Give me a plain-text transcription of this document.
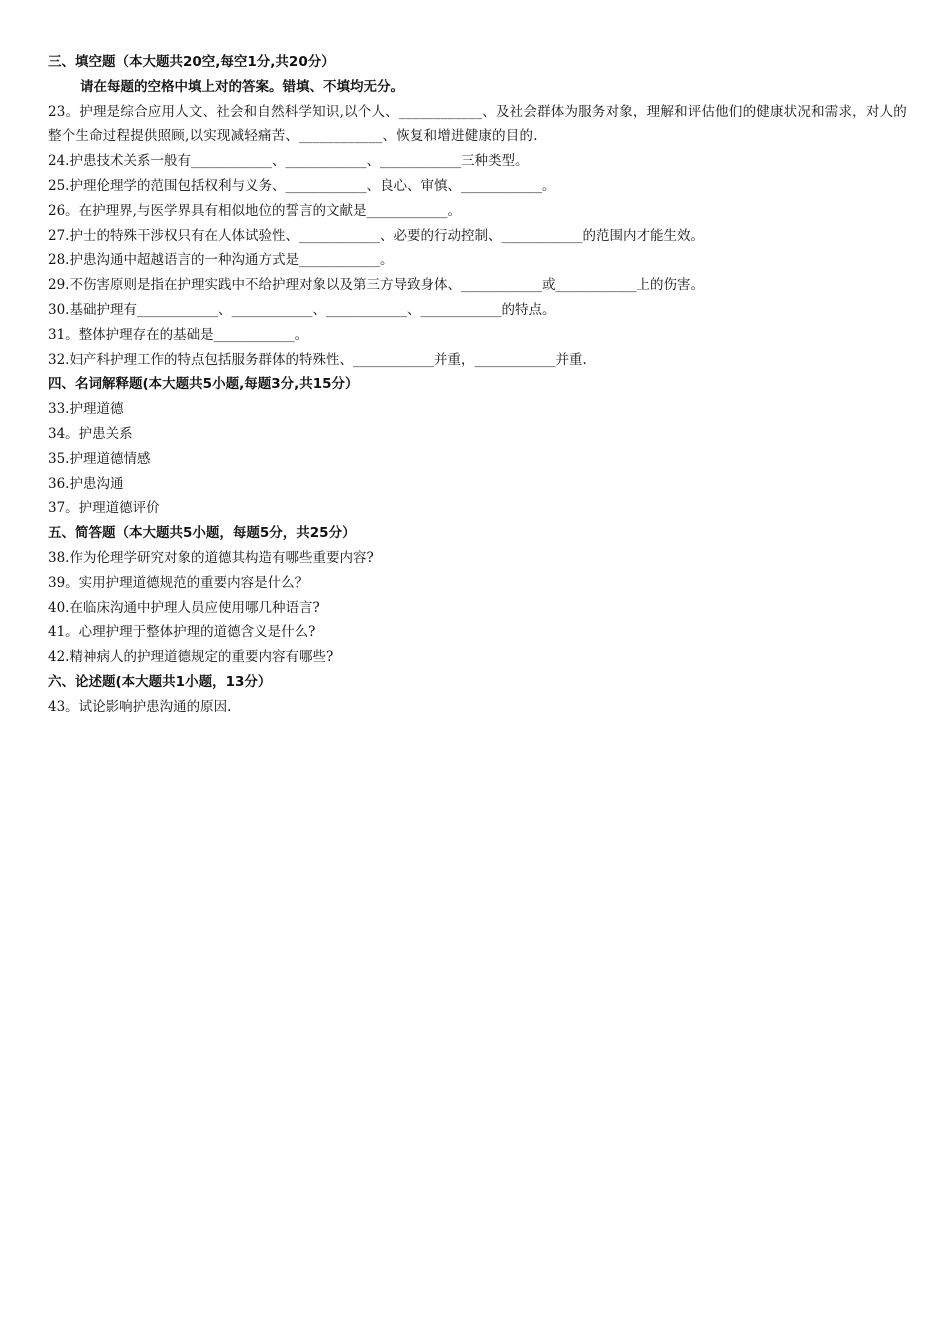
三、填空题（本大题共20空,每空1分,共20分）
请在每题的空格中填上对的答案。错填、不填均无分。
23。护理是综合应用人文、社会和自然科学知识,以个人、____________、及社会群体为服务对象，理解和评估他们的健康状况和需求，对人的整个生命过程提供照顾,以实现减轻痛苦、____________、恢复和增进健康的目的.
24.护患技术关系一般有____________、____________、____________三种类型。
25.护理伦理学的范围包括权利与义务、____________、良心、审慎、____________。
26。在护理界,与医学界具有相似地位的誓言的文献是____________。
27.护士的特殊干涉权只有在人体试验性、____________、必要的行动控制、____________的范围内才能生效。
28.护患沟通中超越语言的一种沟通方式是____________。
29.不伤害原则是指在护理实践中不给护理对象以及第三方导致身体、____________或____________上的伤害。
30.基础护理有____________、____________、____________、____________的特点。
31。整体护理存在的基础是____________。
32.妇产科护理工作的特点包括服务群体的特殊性、____________并重，____________并重.
四、名词解释题(本大题共5小题,每题3分,共15分）
33.护理道德
34。护患关系
35.护理道德情感
36.护患沟通
37。护理道德评价
五、简答题（本大题共5小题，每题5分，共25分）
38.作为伦理学研究对象的道德其构造有哪些重要内容?
39。实用护理道德规范的重要内容是什么？
40.在临床沟通中护理人员应使用哪几种语言?
41。心理护理于整体护理的道德含义是什么?
42.精神病人的护理道德规定的重要内容有哪些?
六、论述题(本大题共1小题，13分）
43。试论影响护患沟通的原因.
